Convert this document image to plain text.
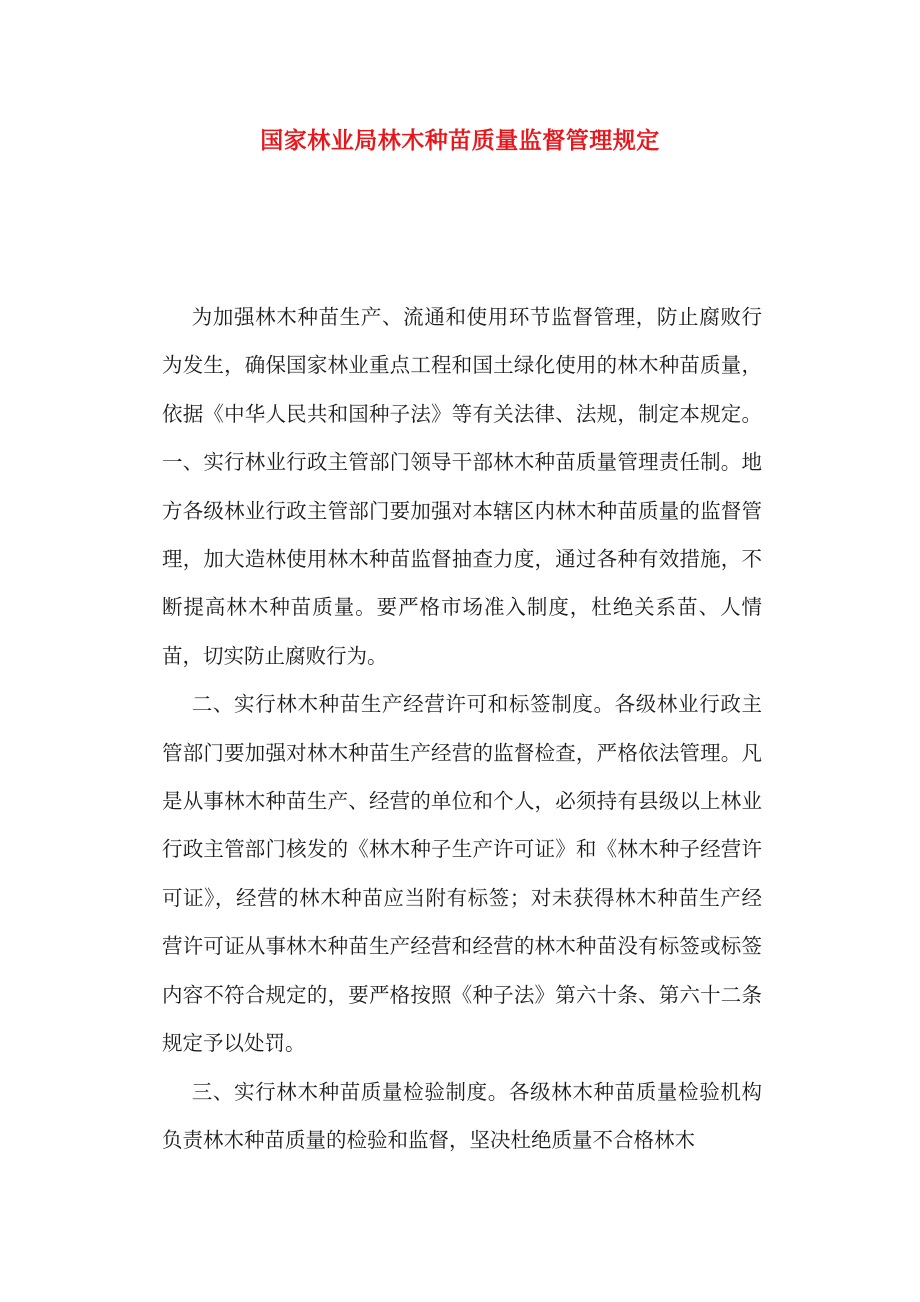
国家林业局林木种苗质量监督管理规定

为加强林木种苗生产、流通和使用环节监督管理，防止腐败行为发生，确保国家林业重点工程和国土绿化使用的林木种苗质量，依据《中华人民共和国种子法》等有关法律、法规，制定本规定。 一、实行林业行政主管部门领导干部林木种苗质量管理责任制。地方各级林业行政主管部门要加强对本辖区内林木种苗质量的监督管理，加大造林使用林木种苗监督抽查力度，通过各种有效措施，不断提高林木种苗质量。要严格市场准入制度，杜绝关系苗、人情苗，切实防止腐败行为。

二、实行林木种苗生产经营许可和标签制度。各级林业行政主管部门要加强对林木种苗生产经营的监督检查，严格依法管理。凡是从事林木种苗生产、经营的单位和个人，必须持有县级以上林业行政主管部门核发的《林木种子生产许可证》和《林木种子经营许可证》，经营的林木种苗应当附有标签；对未获得林木种苗生产经营许可证从事林木种苗生产经营和经营的林木种苗没有标签或标签内容不符合规定的，要严格按照《种子法》第六十条、第六十二条规定予以处罚。

三、实行林木种苗质量检验制度。各级林木种苗质量检验机构负责林木种苗质量的检验和监督，坚决杜绝质量不合格林木
